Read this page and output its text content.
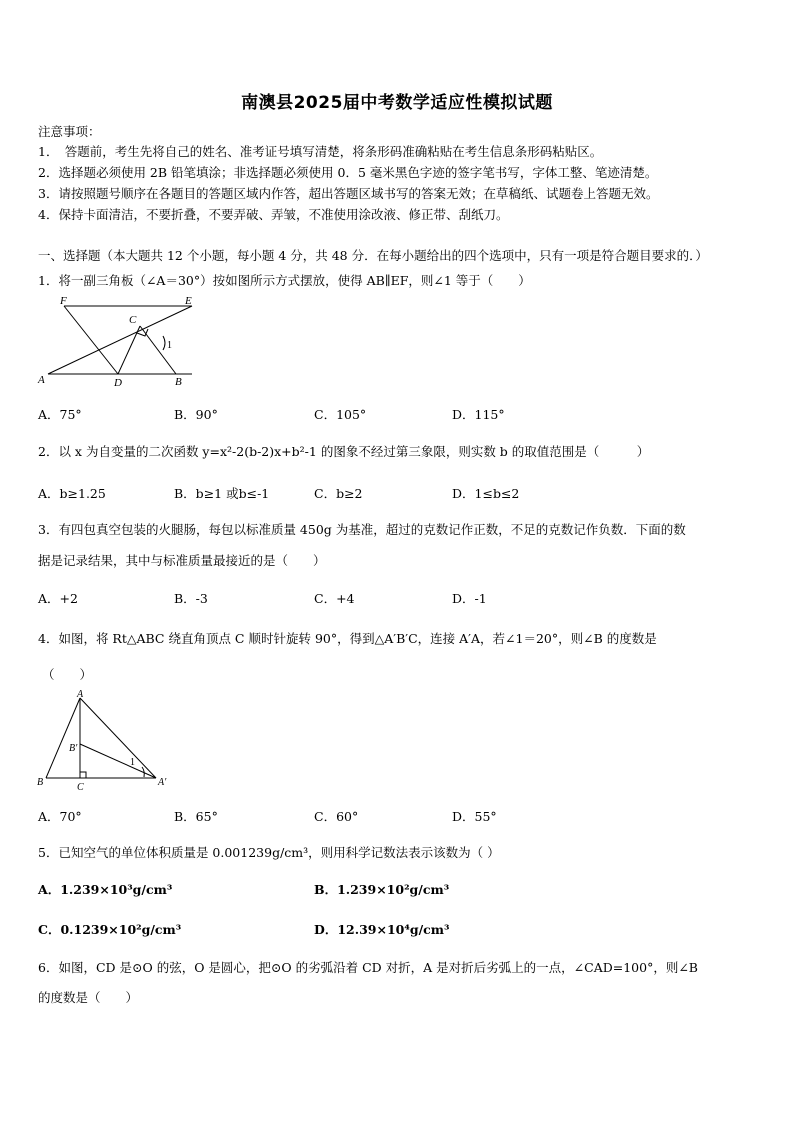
南澳县2025届中考数学适应性模拟试题
注意事项：
1．　答题前，考生先将自己的姓名、准考证号填写清楚，将条形码准确粘贴在考生信息条形码粘贴区。
2．选择题必须使用 2B 铅笔填涂；非选择题必须使用 0．5 毫米黑色字迹的签字笔书写，字体工整、笔迹清楚。
3．请按照题号顺序在各题目的答题区域内作答，超出答题区域书写的答案无效；在草稿纸、试题卷上答题无效。
4．保持卡面清洁，不要折叠，不要弄破、弄皱，不准使用涂改液、修正带、刮纸刀。
一、选择题（本大题共 12 个小题，每小题 4 分，共 48 分．在每小题给出的四个选项中，只有一项是符合题目要求的．）
1．将一副三角板（∠A＝30°）按如图所示方式摆放，使得 AB∥EF，则∠1 等于（　　）
F	E
C
1
A	D	B
A．75°	B．90°	C．105°	D．115°
2．以 x 为自变量的二次函数 y=x²-2(b-2)x+b²-1 的图象不经过第三象限，则实数 b 的取值范围是（　　　）
A．b≥1.25	B．b≥1 或b≤-1	C．b≥2	D．1≤b≤2
3．有四包真空包装的火腿肠，每包以标准质量 450g 为基准，超过的克数记作正数，不足的克数记作负数．下面的数
据是记录结果，其中与标准质量最接近的是（　　）
A．+2	B．-3	C．+4	D．-1
4．如图，将 Rt△ABC 绕直角顶点 C 顺时针旋转 90°，得到△A′B′C，连接 A′A，若∠1＝20°，则∠B 的度数是
（　　）
A
B′
1
B	C	A′
A．70°	B．65°	C．60°	D．55°
5．已知空气的单位体积质量是 0.001239g/cm³，则用科学记数法表示该数为（ ）
A．1.239×10³g/cm³	B．1.239×10²g/cm³
C．0.1239×10²g/cm³	D．12.39×10⁴g/cm³
6．如图，CD 是⊙O 的弦，O 是圆心，把⊙O 的劣弧沿着 CD 对折，A 是对折后劣弧上的一点，∠CAD=100°，则∠B
的度数是（　　）
